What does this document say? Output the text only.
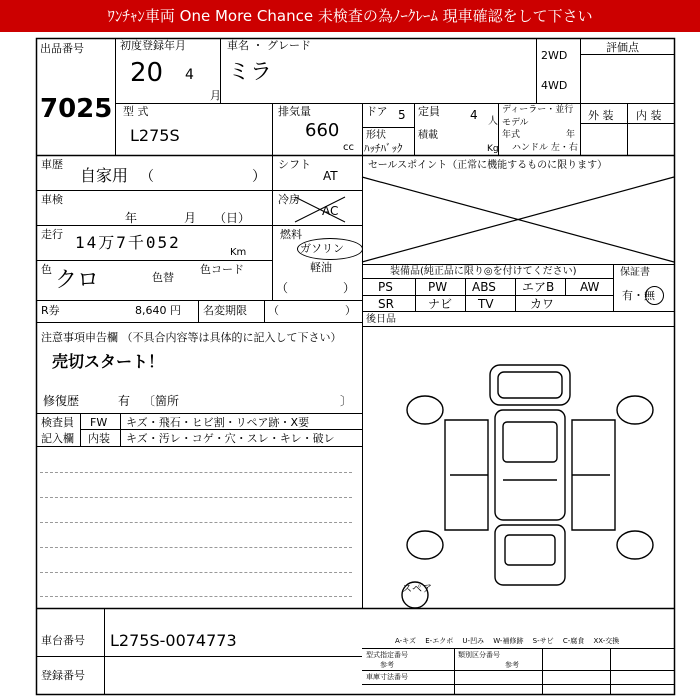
ﾜﾝﾁｬﾝ車両 One More Chance 未検査の為ﾉｰｸﾚｰﾑ 現車確認をして下さい
出品番号
7025
初度登録年月
20 4
月
車名 ・ グレード
ミラ
2WD
4WD
評価点
外 装 内 装
型 式
L275S
排気量
660
cc
ドア 5 定員	4 人
形状
ﾊｯﾁﾊﾞｯｸ
積載
Kg
ディーラー・並行
モデル
年式	年
ハンドル 左・右
車歴
自家用 （	）
シフト
AT
車検
年	月 （日）
冷房
AC
走行 14万7千052
Km
燃料
ガソリン
軽油
（	）
色 クロ	色替
色コード
R券	8,640 円 名変期限 （	）
注意事項申告欄 （不具合内容等は具体的に記入して下さい）
売切スタート！
修復歴	有 〔箇所	〕
検査員
記入欄
FW キズ・飛石・ヒビ割・リペア跡・X要
内装 キズ・汚レ・コゲ・穴・スレ・キレ・破レ
セールスポイント（正常に機能するものに限ります）
装備品(純正品に限り◎を付けてください)
PS	PW ABS エアB AW
SR	ナビ TV	カワ
保証書
有・無
後日品
スペア
A-キズ　 E-エクボ　 U-凹み　 W-補修跡　 S-サビ　 C-腐食　 XX-交換
車台番号 L275S-0074773
登録番号
型式指定番号
参考
類別区分番号
参考
車庫寸法番号
